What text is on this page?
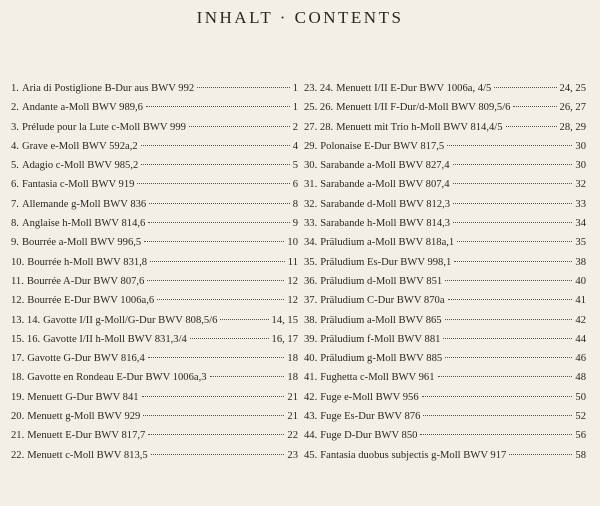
INHALT · CONTENTS
1. Aria di Postiglione B-Dur aus BWV 992	1
2. Andante a-Moll BWV 989,6	1
3. Prélude pour la Lute c-Moll BWV 999	2
4. Grave e-Moll BWV 592a,2	4
5. Adagio c-Moll BWV 985,2	5
6. Fantasia c-Moll BWV 919	6
7. Allemande g-Moll BWV 836	8
8. Anglaise h-Moll BWV 814,6	9
9. Bourrée a-Moll BWV 996,5	10
10. Bourrée h-Moll BWV 831,8	11
11. Bourrée A-Dur BWV 807,6	12
12. Bourrée E-Dur BWV 1006a,6	12
13. 14. Gavotte I/II g-Moll/G-Dur BWV 808,5/6	14, 15
15. 16. Gavotte I/II h-Moll BWV 831,3/4	16, 17
17. Gavotte G-Dur BWV 816,4	18
18. Gavotte en Rondeau E-Dur BWV 1006a,3	18
19. Menuett G-Dur BWV 841	21
20. Menuett g-Moll BWV 929	21
21. Menuett E-Dur BWV 817,7	22
22. Menuett c-Moll BWV 813,5	23
23. 24. Menuett I/II E-Dur BWV 1006a, 4/5	24, 25
25. 26. Menuett I/II F-Dur/d-Moll BWV 809,5/6	26, 27
27. 28. Menuett mit Trio h-Moll BWV 814,4/5	28, 29
29. Polonaise E-Dur BWV 817,5	30
30. Sarabande a-Moll BWV 827,4	30
31. Sarabande a-Moll BWV 807,4	32
32. Sarabande d-Moll BWV 812,3	33
33. Sarabande h-Moll BWV 814,3	34
34. Präludium a-Moll BWV 818a,1	35
35. Präludium Es-Dur BWV 998,1	38
36. Präludium d-Moll BWV 851	40
37. Präludium C-Dur BWV 870a	41
38. Präludium a-Moll BWV 865	42
39. Präludium f-Moll BWV 881	44
40. Präludium g-Moll BWV 885	46
41. Fughetta c-Moll BWV 961	48
42. Fuge e-Moll BWV 956	50
43. Fuge Es-Dur BWV 876	52
44. Fuge D-Dur BWV 850	56
45. Fantasia duobus subjectis g-Moll BWV 917	58
